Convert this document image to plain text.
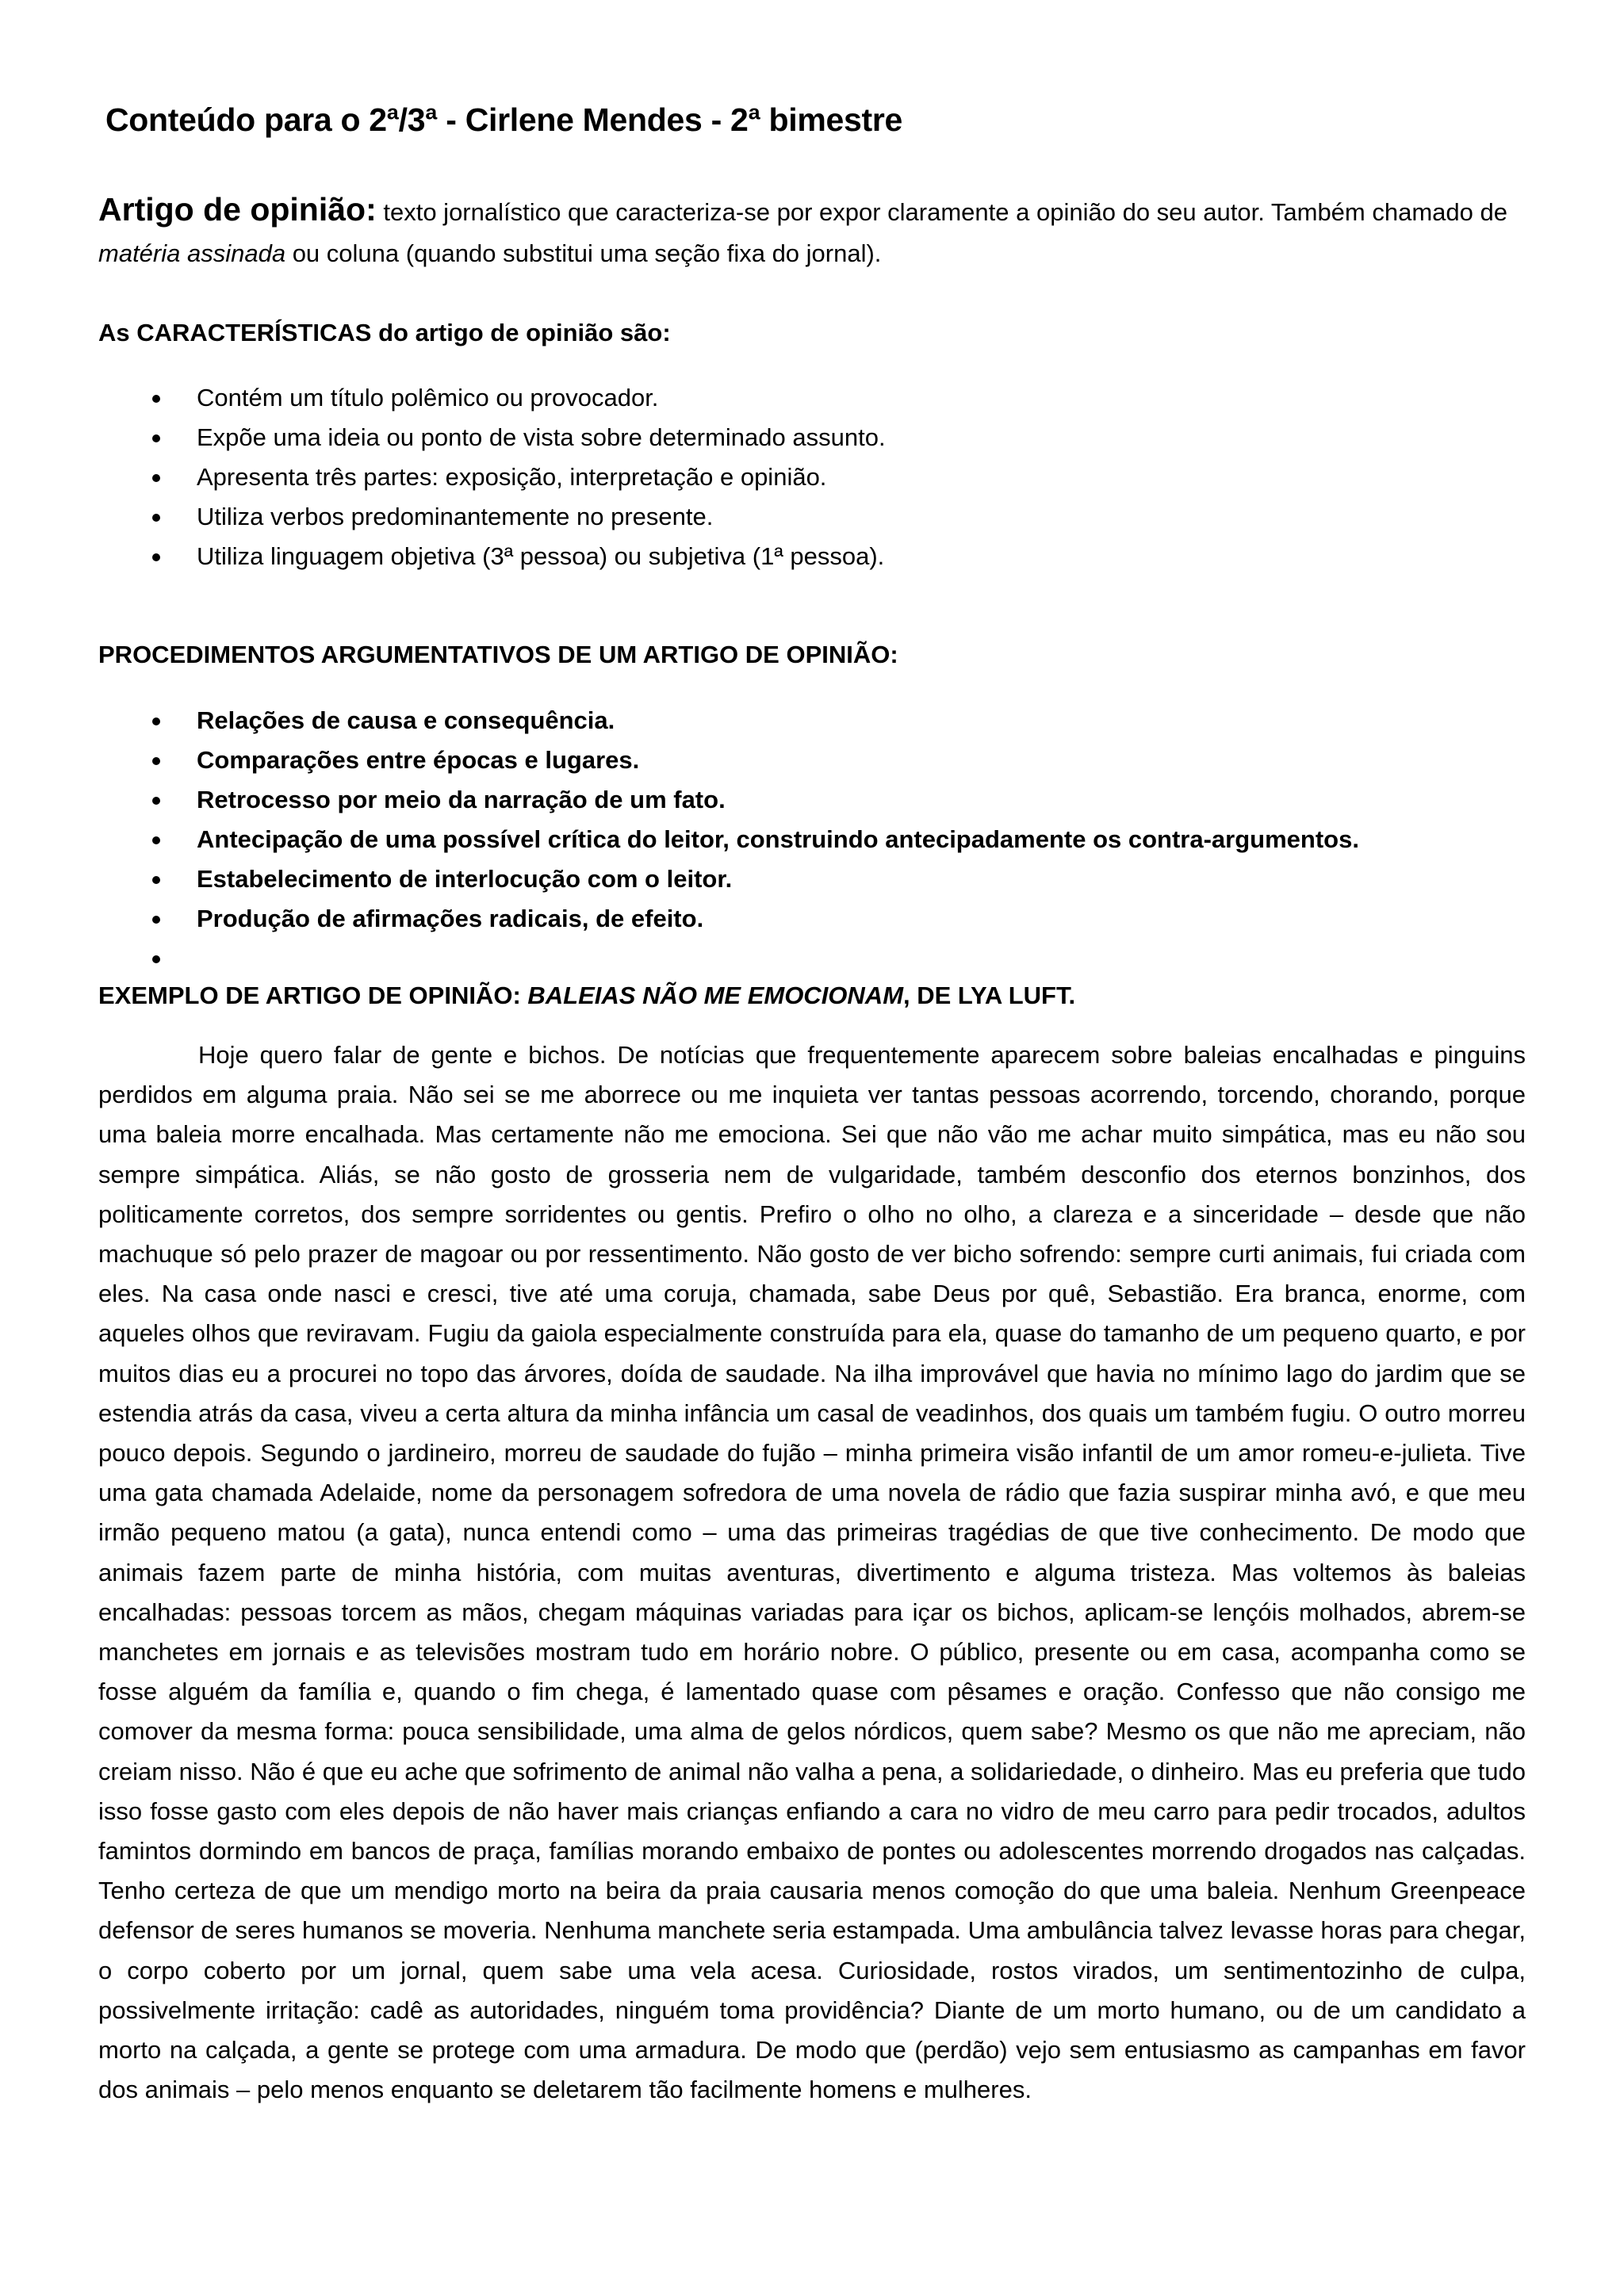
Conteúdo para o 2ª/3ª - Cirlene Mendes - 2ª bimestre

Artigo de opinião: texto jornalístico que caracteriza-se por expor claramente a opinião do seu autor. Também chamado de matéria assinada ou coluna (quando substitui uma seção fixa do jornal).

As CARACTERÍSTICAS do artigo de opinião são:
Contém um título polêmico ou provocador.
Expõe uma ideia ou ponto de vista sobre determinado assunto.
Apresenta três partes: exposição, interpretação e opinião.
Utiliza verbos predominantemente no presente.
Utiliza linguagem objetiva (3ª pessoa) ou subjetiva (1ª pessoa).
PROCEDIMENTOS ARGUMENTATIVOS DE UM ARTIGO DE OPINIÃO:
Relações de causa e consequência.
Comparações entre épocas e lugares.
Retrocesso por meio da narração de um fato.
Antecipação de uma possível crítica do leitor, construindo antecipadamente os contra-argumentos.
Estabelecimento de interlocução com o leitor.
Produção de afirmações radicais, de efeito.
EXEMPLO DE ARTIGO DE OPINIÃO: BALEIAS NÃO ME EMOCIONAM, DE LYA LUFT.

Hoje quero falar de gente e bichos. De notícias que frequentemente aparecem sobre baleias encalhadas e pinguins perdidos em alguma praia. Não sei se me aborrece ou me inquieta ver tantas pessoas acorrendo, torcendo, chorando, porque uma baleia morre encalhada. Mas certamente não me emociona. Sei que não vão me achar muito simpática, mas eu não sou sempre simpática. Aliás, se não gosto de grosseria nem de vulgaridade, também desconfio dos eternos bonzinhos, dos politicamente corretos, dos sempre sorridentes ou gentis. Prefiro o olho no olho, a clareza e a sinceridade – desde que não machuque só pelo prazer de magoar ou por ressentimento. Não gosto de ver bicho sofrendo: sempre curti animais, fui criada com eles. Na casa onde nasci e cresci, tive até uma coruja, chamada, sabe Deus por quê, Sebastião. Era branca, enorme, com aqueles olhos que reviravam. Fugiu da gaiola especialmente construída para ela, quase do tamanho de um pequeno quarto, e por muitos dias eu a procurei no topo das árvores, doída de saudade. Na ilha improvável que havia no mínimo lago do jardim que se estendia atrás da casa, viveu a certa altura da minha infância um casal de veadinhos, dos quais um também fugiu. O outro morreu pouco depois. Segundo o jardineiro, morreu de saudade do fujão – minha primeira visão infantil de um amor romeu-e-julieta. Tive uma gata chamada Adelaide, nome da personagem sofredora de uma novela de rádio que fazia suspirar minha avó, e que meu irmão pequeno matou (a gata), nunca entendi como – uma das primeiras tragédias de que tive conhecimento. De modo que animais fazem parte de minha história, com muitas aventuras, divertimento e alguma tristeza. Mas voltemos às baleias encalhadas: pessoas torcem as mãos, chegam máquinas variadas para içar os bichos, aplicam-se lençóis molhados, abrem-se manchetes em jornais e as televisões mostram tudo em horário nobre. O público, presente ou em casa, acompanha como se fosse alguém da família e, quando o fim chega, é lamentado quase com pêsames e oração. Confesso que não consigo me comover da mesma forma: pouca sensibilidade, uma alma de gelos nórdicos, quem sabe? Mesmo os que não me apreciam, não creiam nisso. Não é que eu ache que sofrimento de animal não valha a pena, a solidariedade, o dinheiro. Mas eu preferia que tudo isso fosse gasto com eles depois de não haver mais crianças enfiando a cara no vidro de meu carro para pedir trocados, adultos famintos dormindo em bancos de praça, famílias morando embaixo de pontes ou adolescentes morrendo drogados nas calçadas. Tenho certeza de que um mendigo morto na beira da praia causaria menos comoção do que uma baleia. Nenhum Greenpeace defensor de seres humanos se moveria. Nenhuma manchete seria estampada. Uma ambulância talvez levasse horas para chegar, o corpo coberto por um jornal, quem sabe uma vela acesa. Curiosidade, rostos virados, um sentimentozinho de culpa, possivelmente irritação: cadê as autoridades, ninguém toma providência? Diante de um morto humano, ou de um candidato a morto na calçada, a gente se protege com uma armadura. De modo que (perdão) vejo sem entusiasmo as campanhas em favor dos animais – pelo menos enquanto se deletarem tão facilmente homens e mulheres.
